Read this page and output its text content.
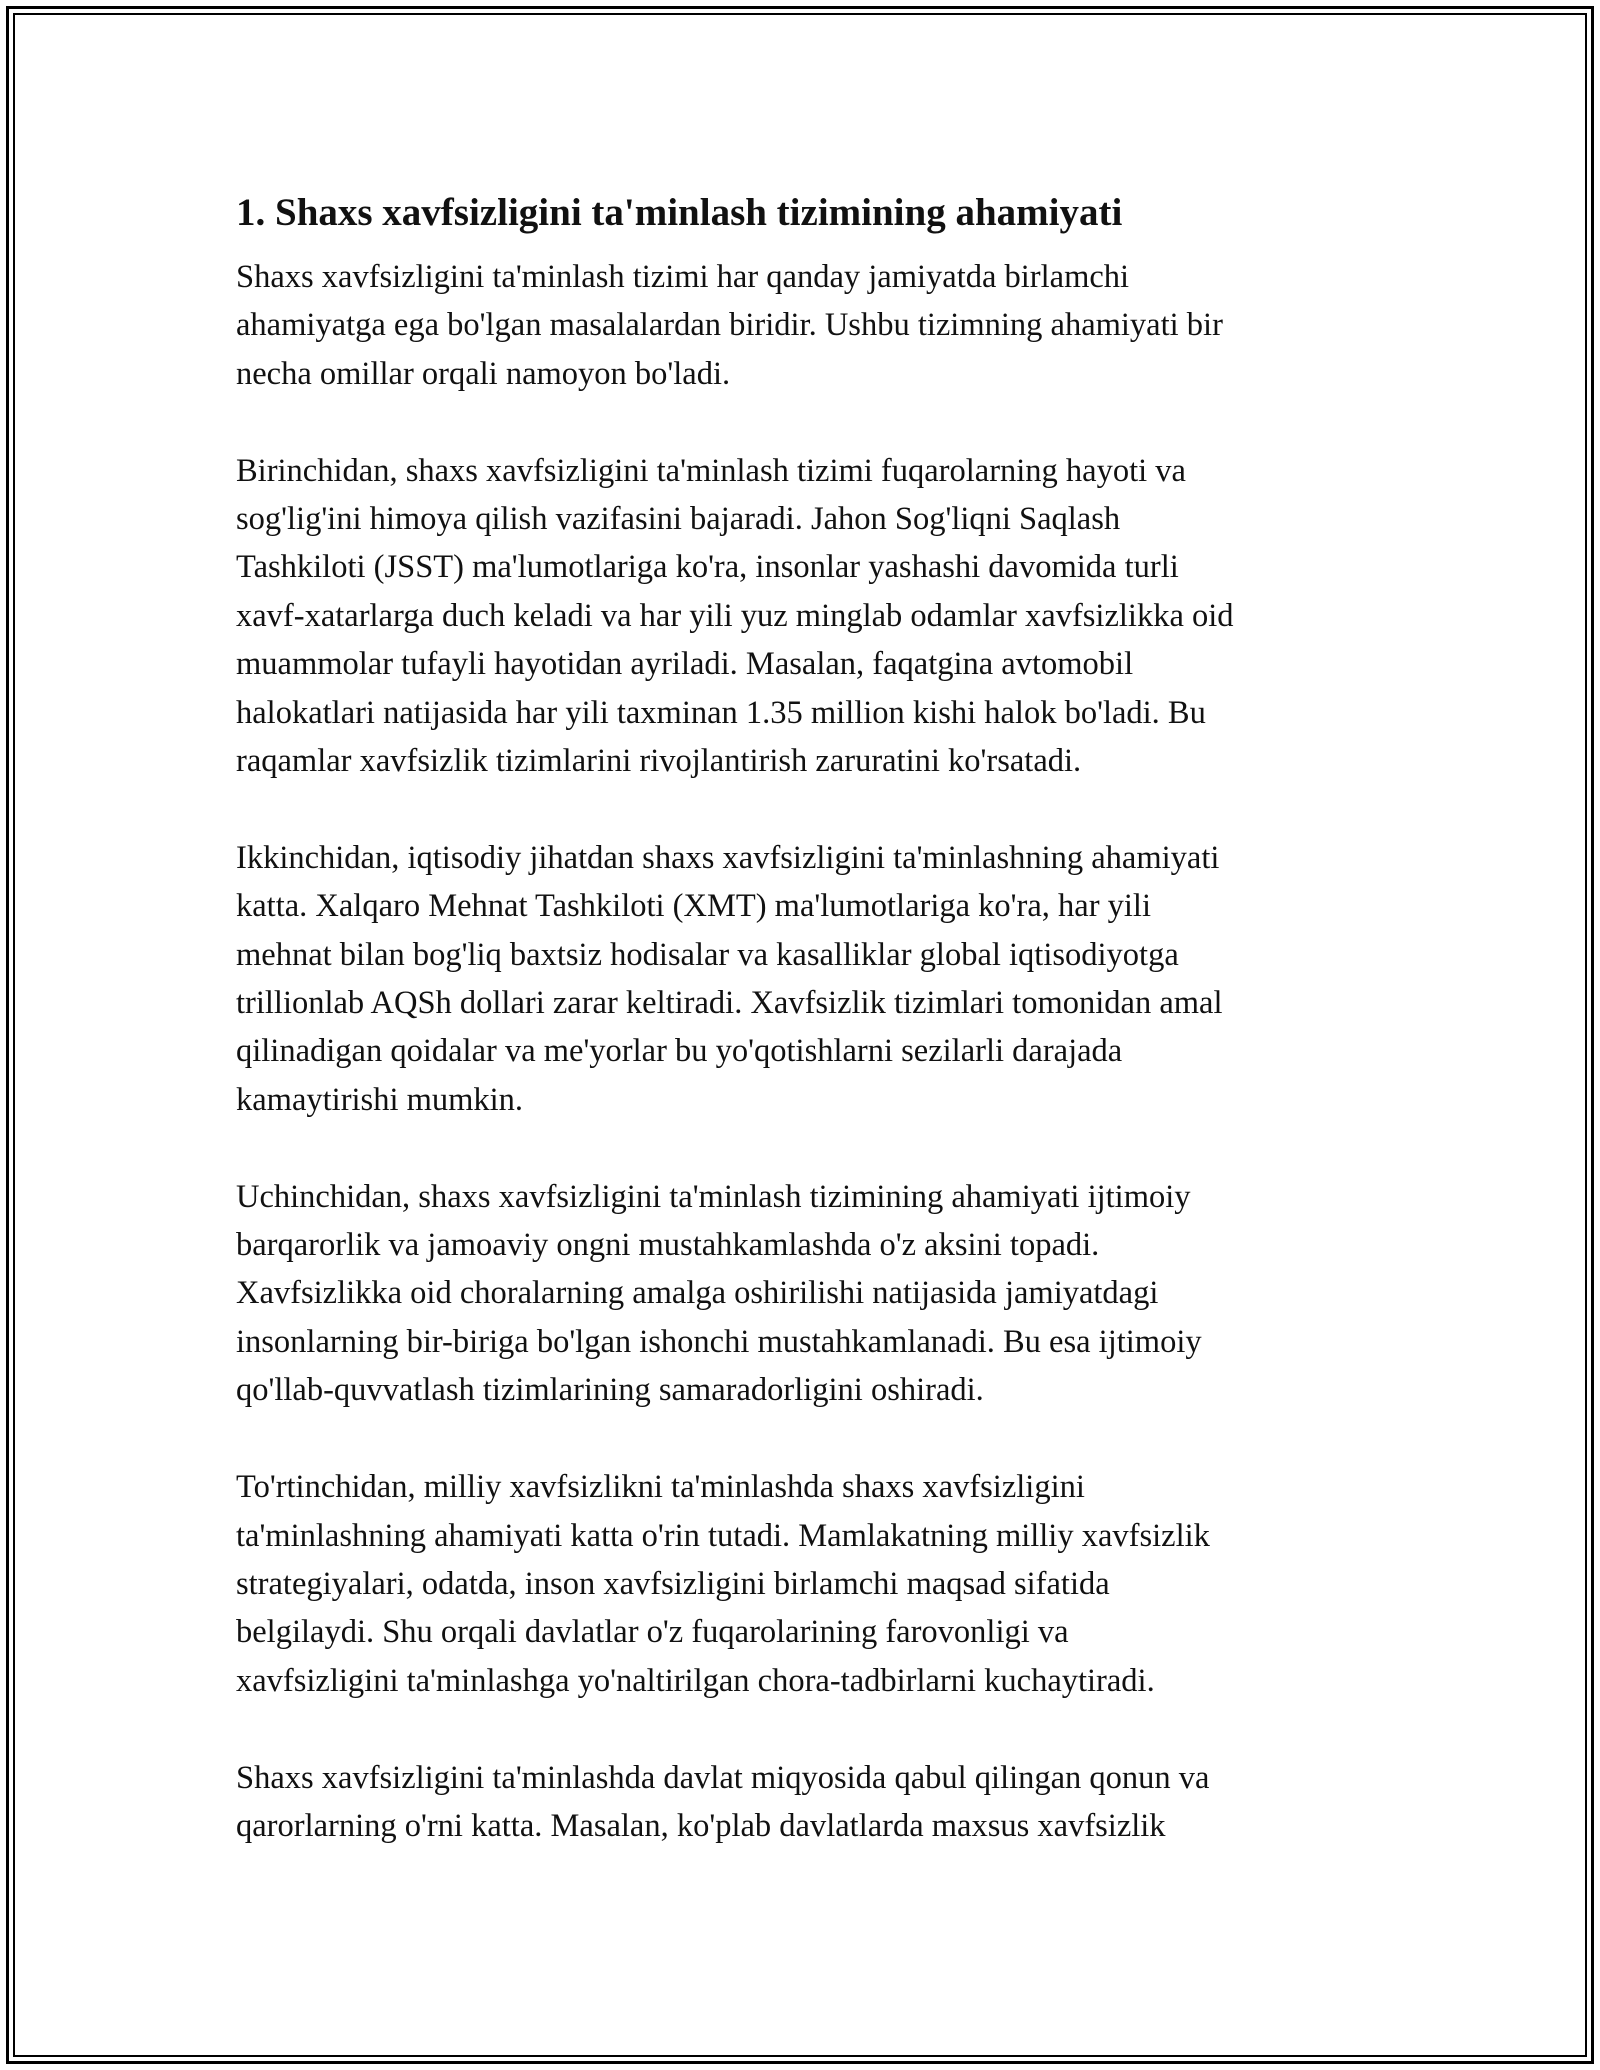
1. Shaxs xavfsizligini ta'minlash tizimining ahamiyati

Shaxs xavfsizligini ta'minlash tizimi har qanday jamiyatda birlamchi
ahamiyatga ega bo'lgan masalalardan biridir. Ushbu tizimning ahamiyati bir
necha omillar orqali namoyon bo'ladi.

Birinchidan, shaxs xavfsizligini ta'minlash tizimi fuqarolarning hayoti va
sog'lig'ini himoya qilish vazifasini bajaradi. Jahon Sog'liqni Saqlash
Tashkiloti (JSST) ma'lumotlariga ko'ra, insonlar yashashi davomida turli
xavf-xatarlarga duch keladi va har yili yuz minglab odamlar xavfsizlikka oid
muammolar tufayli hayotidan ayriladi. Masalan, faqatgina avtomobil
halokatlari natijasida har yili taxminan 1.35 million kishi halok bo'ladi. Bu
raqamlar xavfsizlik tizimlarini rivojlantirish zaruratini ko'rsatadi.

Ikkinchidan, iqtisodiy jihatdan shaxs xavfsizligini ta'minlashning ahamiyati
katta. Xalqaro Mehnat Tashkiloti (XMT) ma'lumotlariga ko'ra, har yili
mehnat bilan bog'liq baxtsiz hodisalar va kasalliklar global iqtisodiyotga
trillionlab AQSh dollari zarar keltiradi. Xavfsizlik tizimlari tomonidan amal
qilinadigan qoidalar va me'yorlar bu yo'qotishlarni sezilarli darajada
kamaytirishi mumkin.

Uchinchidan, shaxs xavfsizligini ta'minlash tizimining ahamiyati ijtimoiy
barqarorlik va jamoaviy ongni mustahkamlashda o'z aksini topadi.
Xavfsizlikka oid choralarning amalga oshirilishi natijasida jamiyatdagi
insonlarning bir-biriga bo'lgan ishonchi mustahkamlanadi. Bu esa ijtimoiy
qo'llab-quvvatlash tizimlarining samaradorligini oshiradi.

To'rtinchidan, milliy xavfsizlikni ta'minlashda shaxs xavfsizligini
ta'minlashning ahamiyati katta o'rin tutadi. Mamlakatning milliy xavfsizlik
strategiyalari, odatda, inson xavfsizligini birlamchi maqsad sifatida
belgilaydi. Shu orqali davlatlar o'z fuqarolarining farovonligi va
xavfsizligini ta'minlashga yo'naltirilgan chora-tadbirlarni kuchaytiradi.

Shaxs xavfsizligini ta'minlashda davlat miqyosida qabul qilingan qonun va
qarorlarning o'rni katta. Masalan, ko'plab davlatlarda maxsus xavfsizlik
